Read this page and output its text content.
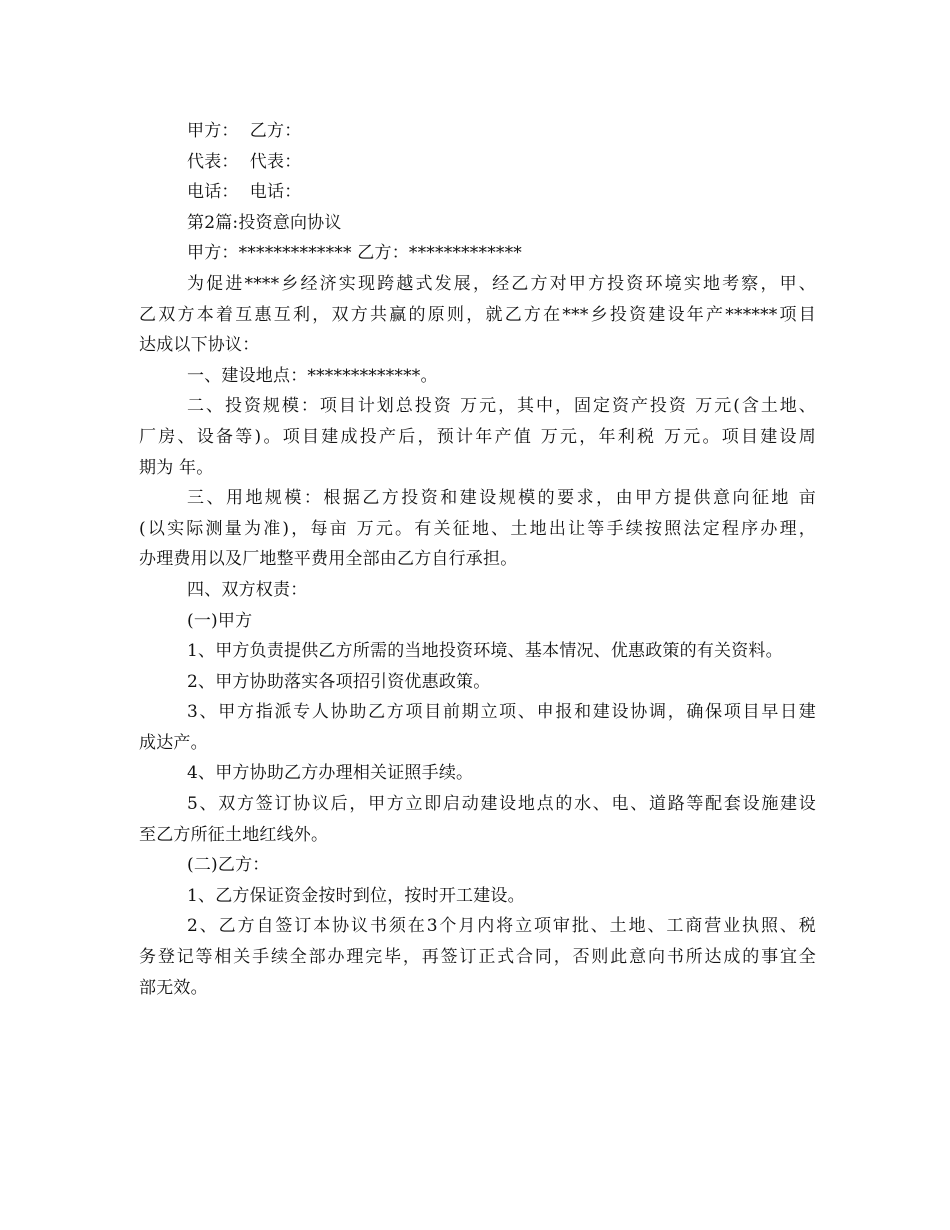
甲方：  乙方：

代表：  代表：

电话：  电话：

第2篇:投资意向协议

甲方：************* 乙方：*************

为促进****乡经济实现跨越式发展，经乙方对甲方投资环境实地考察，甲、

乙双方本着互惠互利，双方共赢的原则，就乙方在***乡投资建设年产******项目

达成以下协议：

一、建设地点：*************。

二、投资规模：项目计划总投资 万元，其中，固定资产投资 万元(含土地、

厂房、设备等)。项目建成投产后，预计年产值 万元，年利税 万元。项目建设周

期为 年。

三、用地规模：根据乙方投资和建设规模的要求，由甲方提供意向征地 亩

(以实际测量为准)，每亩 万元。有关征地、土地出让等手续按照法定程序办理，

办理费用以及厂地整平费用全部由乙方自行承担。

四、双方权责：

(一)甲方

1、甲方负责提供乙方所需的当地投资环境、基本情况、优惠政策的有关资料。

2、甲方协助落实各项招引资优惠政策。

3、甲方指派专人协助乙方项目前期立项、申报和建设协调，确保项目早日建

成达产。

4、甲方协助乙方办理相关证照手续。

5、双方签订协议后，甲方立即启动建设地点的水、电、道路等配套设施建设

至乙方所征土地红线外。

(二)乙方：

1、乙方保证资金按时到位，按时开工建设。

2、乙方自签订本协议书须在3个月内将立项审批、土地、工商营业执照、税

务登记等相关手续全部办理完毕，再签订正式合同，否则此意向书所达成的事宜全

部无效。
